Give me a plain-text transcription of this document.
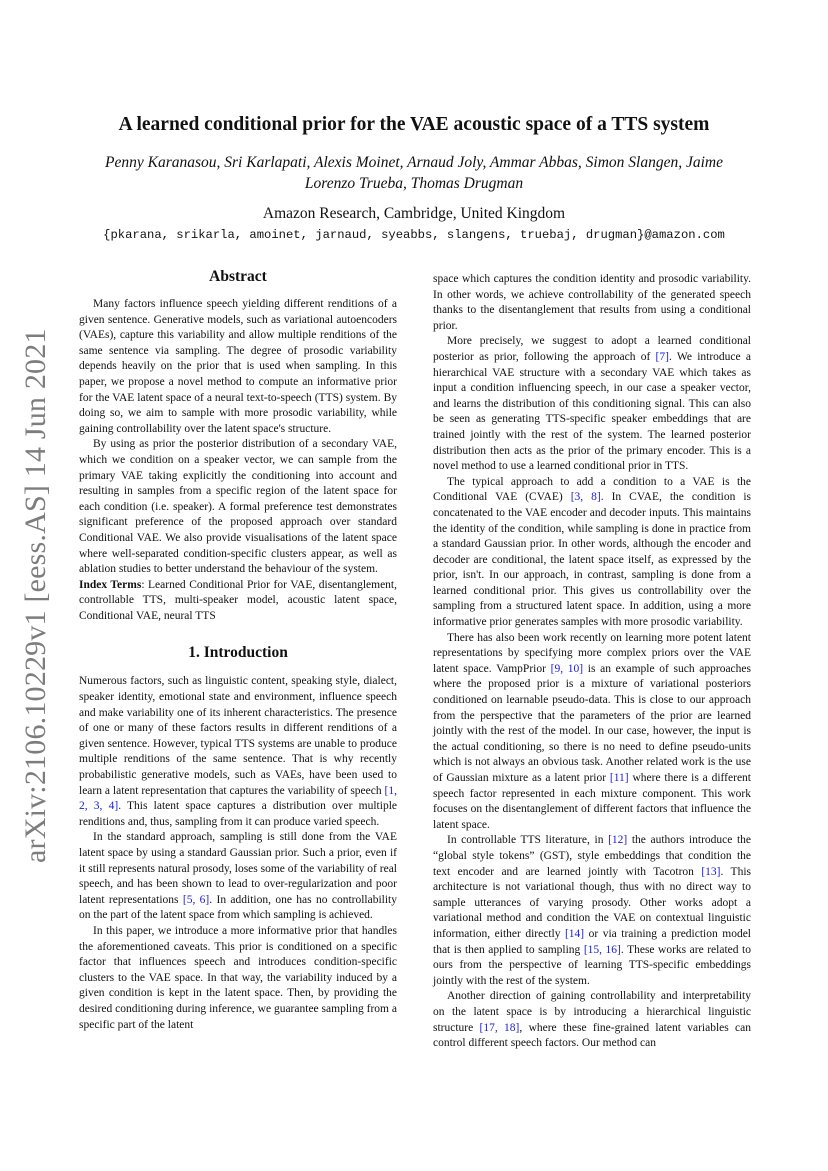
arXiv:2106.10229v1 [eess.AS] 14 Jun 2021
A learned conditional prior for the VAE acoustic space of a TTS system
Penny Karanasou, Sri Karlapati, Alexis Moinet, Arnaud Joly, Ammar Abbas, Simon Slangen, Jaime
Lorenzo Trueba, Thomas Drugman
Amazon Research, Cambridge, United Kingdom
{pkarana, srikarla, amoinet, jarnaud, syeabbs, slangens, truebaj, drugman}@amazon.com
Abstract

Many factors influence speech yielding different renditions of a given sentence. Generative models, such as variational autoencoders (VAEs), capture this variability and allow multiple renditions of the same sentence via sampling. The degree of prosodic variability depends heavily on the prior that is used when sampling. In this paper, we propose a novel method to compute an informative prior for the VAE latent space of a neural text-to-speech (TTS) system. By doing so, we aim to sample with more prosodic variability, while gaining controllability over the latent space's structure.

By using as prior the posterior distribution of a secondary VAE, which we condition on a speaker vector, we can sample from the primary VAE taking explicitly the conditioning into account and resulting in samples from a specific region of the latent space for each condition (i.e. speaker). A formal preference test demonstrates significant preference of the proposed approach over standard Conditional VAE. We also provide visualisations of the latent space where well-separated condition-specific clusters appear, as well as ablation studies to better understand the behaviour of the system.

Index Terms: Learned Conditional Prior for VAE, disentanglement, controllable TTS, multi-speaker model, acoustic latent space, Conditional VAE, neural TTS

1. Introduction

Numerous factors, such as linguistic content, speaking style, dialect, speaker identity, emotional state and environment, influence speech and make variability one of its inherent characteristics. The presence of one or many of these factors results in different renditions of a given sentence. However, typical TTS systems are unable to produce multiple renditions of the same sentence. That is why recently probabilistic generative models, such as VAEs, have been used to learn a latent representation that captures the variability of speech [1, 2, 3, 4]. This latent space captures a distribution over multiple renditions and, thus, sampling from it can produce varied speech.

In the standard approach, sampling is still done from the VAE latent space by using a standard Gaussian prior. Such a prior, even if it still represents natural prosody, loses some of the variability of real speech, and has been shown to lead to over-regularization and poor latent representations [5, 6]. In addition, one has no controllability on the part of the latent space from which sampling is achieved.

In this paper, we introduce a more informative prior that handles the aforementioned caveats. This prior is conditioned on a specific factor that influences speech and introduces condition-specific clusters to the VAE space. In that way, the variability induced by a given condition is kept in the latent space. Then, by providing the desired conditioning during inference, we guarantee sampling from a specific part of the latent

space which captures the condition identity and prosodic variability. In other words, we achieve controllability of the generated speech thanks to the disentanglement that results from using a conditional prior.

More precisely, we suggest to adopt a learned conditional posterior as prior, following the approach of [7]. We introduce a hierarchical VAE structure with a secondary VAE which takes as input a condition influencing speech, in our case a speaker vector, and learns the distribution of this conditioning signal. This can also be seen as generating TTS-specific speaker embeddings that are trained jointly with the rest of the system. The learned posterior distribution then acts as the prior of the primary encoder. This is a novel method to use a learned conditional prior in TTS.

The typical approach to add a condition to a VAE is the Conditional VAE (CVAE) [3, 8]. In CVAE, the condition is concatenated to the VAE encoder and decoder inputs. This maintains the identity of the condition, while sampling is done in practice from a standard Gaussian prior. In other words, although the encoder and decoder are conditional, the latent space itself, as expressed by the prior, isn't. In our approach, in contrast, sampling is done from a learned conditional prior. This gives us controllability over the sampling from a structured latent space. In addition, using a more informative prior generates samples with more prosodic variability.

There has also been work recently on learning more potent latent representations by specifying more complex priors over the VAE latent space. VampPrior [9, 10] is an example of such approaches where the proposed prior is a mixture of variational posteriors conditioned on learnable pseudo-data. This is close to our approach from the perspective that the parameters of the prior are learned jointly with the rest of the model. In our case, however, the input is the actual conditioning, so there is no need to define pseudo-units which is not always an obvious task. Another related work is the use of Gaussian mixture as a latent prior [11] where there is a different speech factor represented in each mixture component. This work focuses on the disentanglement of different factors that influence the latent space.

In controllable TTS literature, in [12] the authors introduce the “global style tokens” (GST), style embeddings that condition the text encoder and are learned jointly with Tacotron [13]. This architecture is not variational though, thus with no direct way to sample utterances of varying prosody. Other works adopt a variational method and condition the VAE on contextual linguistic information, either directly [14] or via training a prediction model that is then applied to sampling [15, 16]. These works are related to ours from the perspective of learning TTS-specific embeddings jointly with the rest of the system.

Another direction of gaining controllability and interpretability on the latent space is by introducing a hierarchical linguistic structure [17, 18], where these fine-grained latent variables can control different speech factors. Our method can
